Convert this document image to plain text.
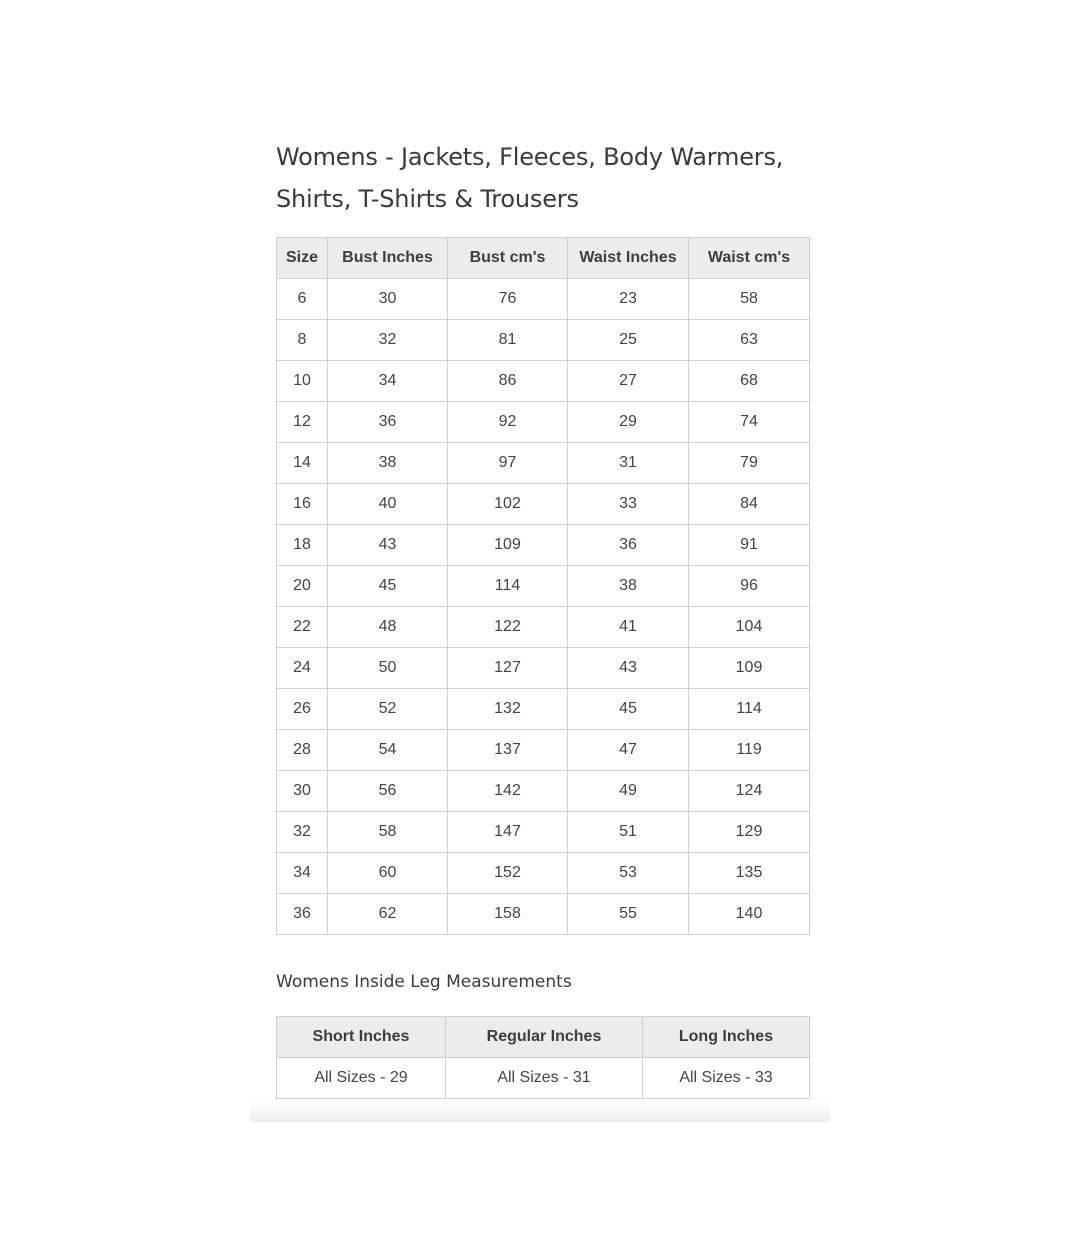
Womens - Jackets, Fleeces, Body Warmers,
Shirts, T-Shirts & Trousers
Size	Bust Inches	Bust cm's	Waist Inches	Waist cm's
6	30	76	23	58
8	32	81	25	63
10	34	86	27	68
12	36	92	29	74
14	38	97	31	79
16	40	102	33	84
18	43	109	36	91
20	45	114	38	96
22	48	122	41	104
24	50	127	43	109
26	52	132	45	114
28	54	137	47	119
30	56	142	49	124
32	58	147	51	129
34	60	152	53	135
36	62	158	55	140

Womens Inside Leg Measurements

Short Inches	Regular Inches	Long Inches
All Sizes - 29	All Sizes - 31	All Sizes - 33
